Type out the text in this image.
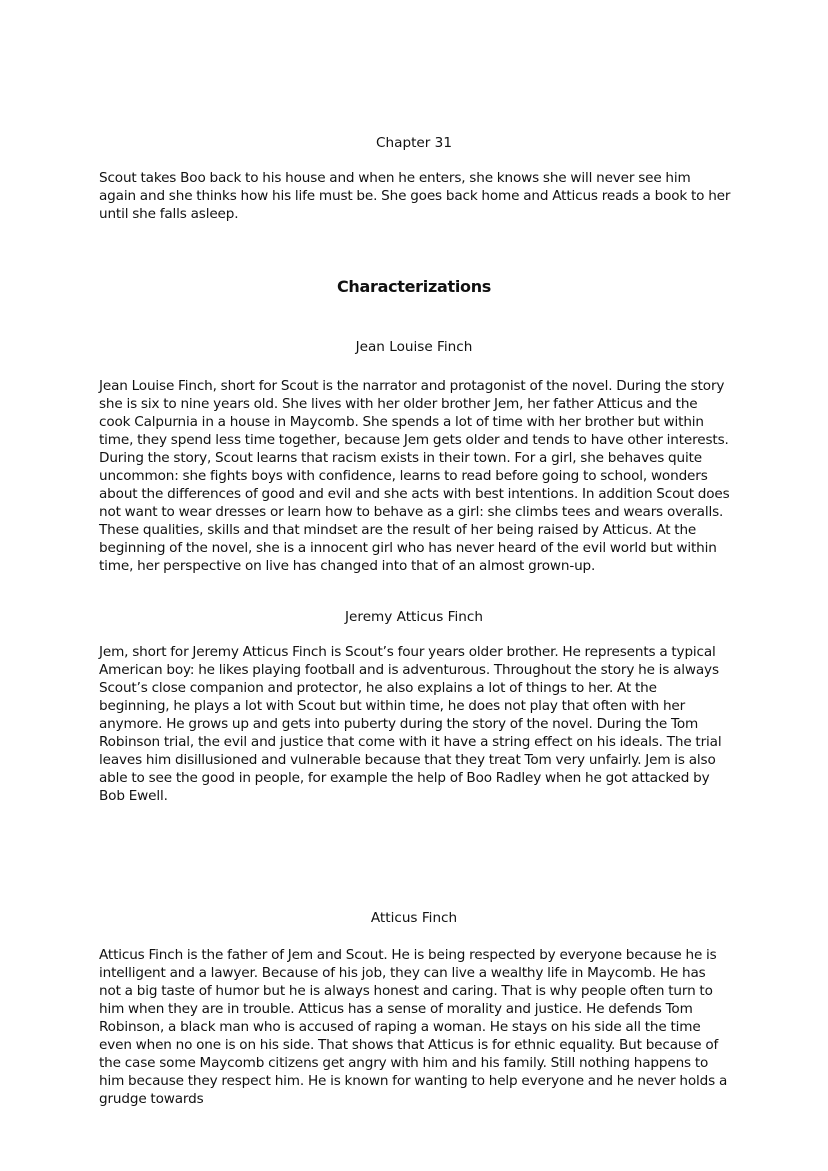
Chapter 31

Scout takes Boo back to his house and when he enters, she knows she will never see him again and she thinks how his life must be. She goes back home and Atticus reads a book to her until she falls asleep.

Characterizations
Jean Louise Finch

Jean Louise Finch, short for Scout is the narrator and protagonist of the novel. During the story she is six to nine years old. She lives with her older brother Jem, her father Atticus and the cook Calpurnia in a house in Maycomb. She spends a lot of time with her brother but within time, they spend less time together, because Jem gets older and tends to have other interests. During the story, Scout learns that racism exists in their town. For a girl, she behaves quite uncommon: she fights boys with confidence, learns to read before going to school, wonders about the differences of good and evil and she acts with best intentions. In addition Scout does not want to wear dresses or learn how to behave as a girl: she climbs tees and wears overalls. These qualities, skills and that mindset are the result of her being raised by Atticus. At the beginning of the novel, she is a innocent girl who has never heard of the evil world but within time, her perspective on live has changed into that of an almost grown-up.

Jeremy Atticus Finch

Jem, short for Jeremy Atticus Finch is Scout’s four years older brother. He represents a typical American boy: he likes playing football and is adventurous. Throughout the story he is always Scout’s close companion and protector, he also explains a lot of things to her. At the beginning, he plays a lot with Scout but within time, he does not play that often with her anymore. He grows up and gets into puberty during the story of the novel. During the Tom Robinson trial, the evil and justice that come with it have a string effect on his ideals. The trial leaves him disillusioned and vulnerable because that they treat Tom very unfairly. Jem is also able to see the good in people, for example the help of Boo Radley when he got attacked by Bob Ewell.

Atticus Finch

Atticus Finch is the father of Jem and Scout. He is being respected by everyone because he is intelligent and a lawyer. Because of his job, they can live a wealthy life in Maycomb. He has not a big taste of humor but he is always honest and caring. That is why people often turn to him when they are in trouble. Atticus has a sense of morality and justice. He defends Tom Robinson, a black man who is accused of raping a woman. He stays on his side all the time even when no one is on his side. That shows that Atticus is for ethnic equality. But because of the case some Maycomb citizens get angry with him and his family. Still nothing happens to him because they respect him. He is known for wanting to help everyone and he never holds a grudge towards
